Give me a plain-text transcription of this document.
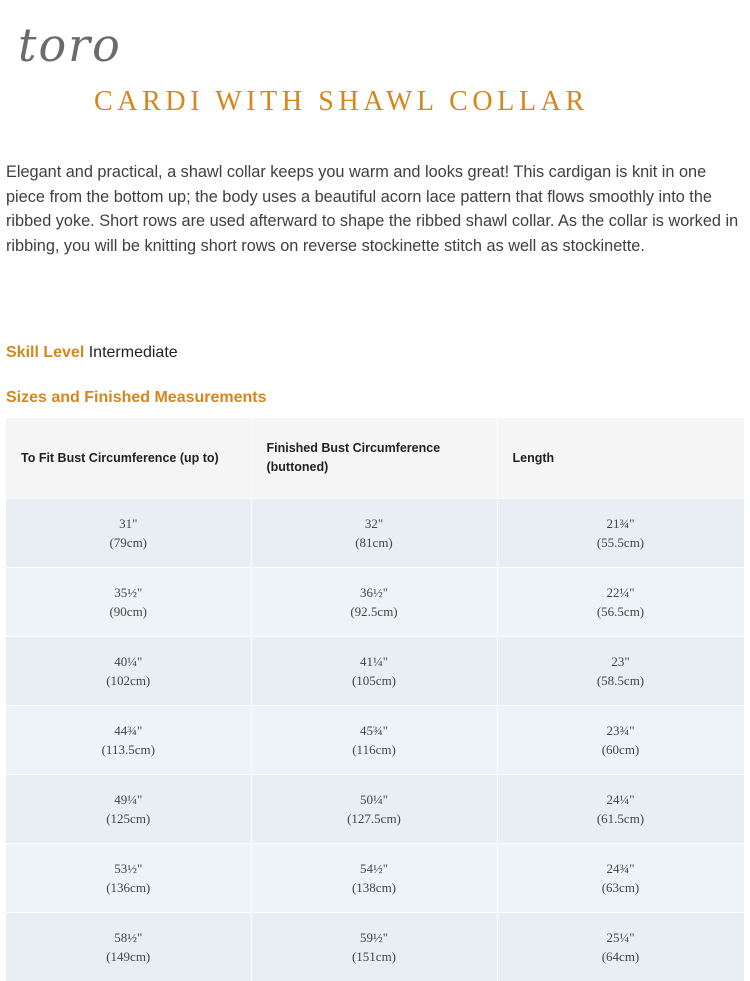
toro
CARDI WITH SHAWL COLLAR

Elegant and practical, a shawl collar keeps you warm and looks great! This cardigan is knit in one piece from the bottom up; the body uses a beautiful acorn lace pattern that flows smoothly into the ribbed yoke. Short rows are used afterward to shape the ribbed shawl collar. As the collar is worked in ribbing, you will be knitting short rows on reverse stockinette stitch as well as stockinette.

Skill Level Intermediate
Sizes and Finished Measurements
To Fit Bust Circumference (up to)	Finished Bust Circumference (buttoned)	Length

31"
(79cm)	32"
(81cm)	21¾"
(55.5cm)

35½"
(90cm)	36½"
(92.5cm)	22¼"
(56.5cm)

40¼"
(102cm)	41¼"
(105cm)	23"
(58.5cm)

44¾"
(113.5cm)	45¾"
(116cm)	23¾"
(60cm)

49¼"
(125cm)	50¼"
(127.5cm)	24¼"
(61.5cm)

53½"
(136cm)	54½"
(138cm)	24¾"
(63cm)

58½"
(149cm)	59½"
(151cm)	25¼"
(64cm)
